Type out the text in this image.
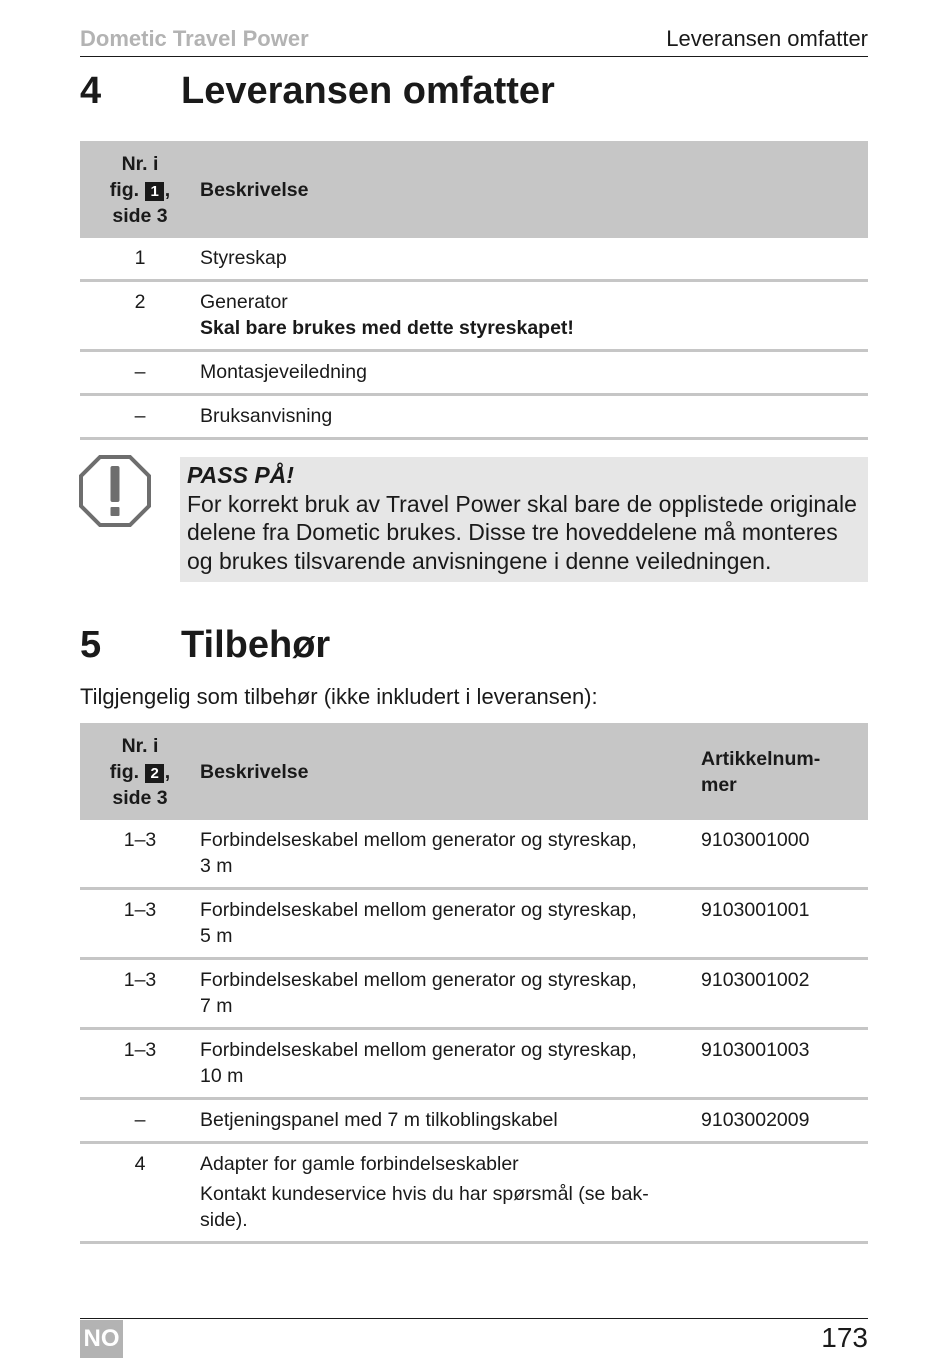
Dometic Travel Power	Leveransen omfatter
4 Leveransen omfatter
Nr. i
fig. 1 ,
side 3	Beskrivelse
1	Styreskap
2	Generator
Skal bare brukes med dette styreskapet!

–	Montasjeveiledning
–	Bruksanvisning
PASS PÅ!
For korrekt bruk av Travel Power skal bare de opplistede originale delene fra Dometic brukes. Disse tre hoveddelene må monteres og brukes tilsvarende anvisningene i denne veiledningen.
5 Tilbehør
Tilgjengelig som tilbehør (ikke inkludert i leveransen):
Nr. i
fig. 2 ,
side 3	Beskrivelse	Artikkelnum-
mer
1–3	Forbindelseskabel mellom generator og styreskap,
3 m	9103001000
1–3	Forbindelseskabel mellom generator og styreskap,
5 m	9103001001
1–3	Forbindelseskabel mellom generator og styreskap,
7 m	9103001002
1–3	Forbindelseskabel mellom generator og styreskap,
10 m	9103001003
–	Betjeningspanel med 7 m tilkoblingskabel	9103002009
4	Adapter for gamle forbindelseskabler
Kontakt kundeservice hvis du har spørsmål (se bak-
side).	

NO	173
